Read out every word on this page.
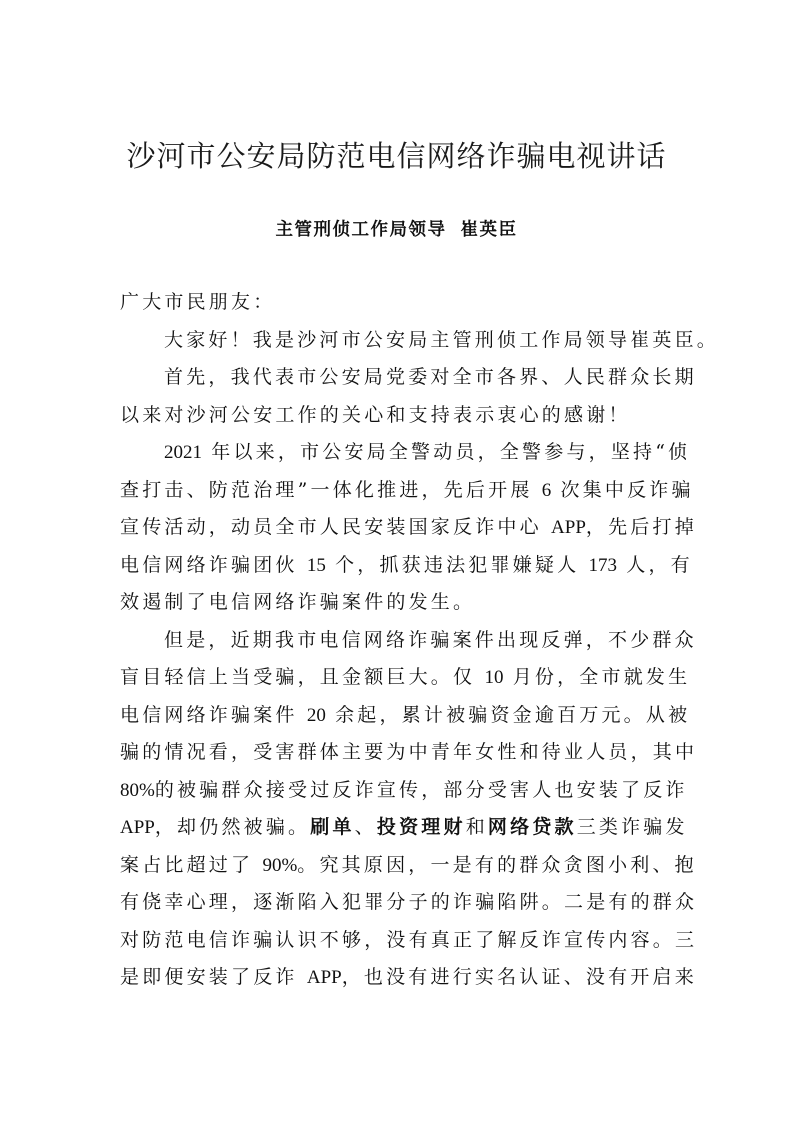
沙河市公安局防范电信网络诈骗电视讲话
主管刑侦工作局领导 崔英臣
广大市民朋友：
大家好！我是沙河市公安局主管刑侦工作局领导崔英臣。
首先，我代表市公安局党委对全市各界、人民群众长期
以来对沙河公安工作的关心和支持表示衷心的感谢！
2021 年以来，市公安局全警动员，全警参与，坚持“侦
查打击、防范治理”一体化推进，先后开展 6 次集中反诈骗
宣传活动，动员全市人民安装国家反诈中心 APP，先后打掉
电信网络诈骗团伙 15 个，抓获违法犯罪嫌疑人 173 人，有
效遏制了电信网络诈骗案件的发生。
但是，近期我市电信网络诈骗案件出现反弹，不少群众
盲目轻信上当受骗，且金额巨大。仅 10 月份，全市就发生
电信网络诈骗案件 20 余起，累计被骗资金逾百万元。从被
骗的情况看，受害群体主要为中青年女性和待业人员，其中
80%的被骗群众接受过反诈宣传，部分受害人也安装了反诈
APP，却仍然被骗。刷单、投资理财和网络贷款三类诈骗发
案占比超过了 90%。究其原因，一是有的群众贪图小利、抱
有侥幸心理，逐渐陷入犯罪分子的诈骗陷阱。二是有的群众
对防范电信诈骗认识不够，没有真正了解反诈宣传内容。三
是即便安装了反诈 APP，也没有进行实名认证、没有开启来
